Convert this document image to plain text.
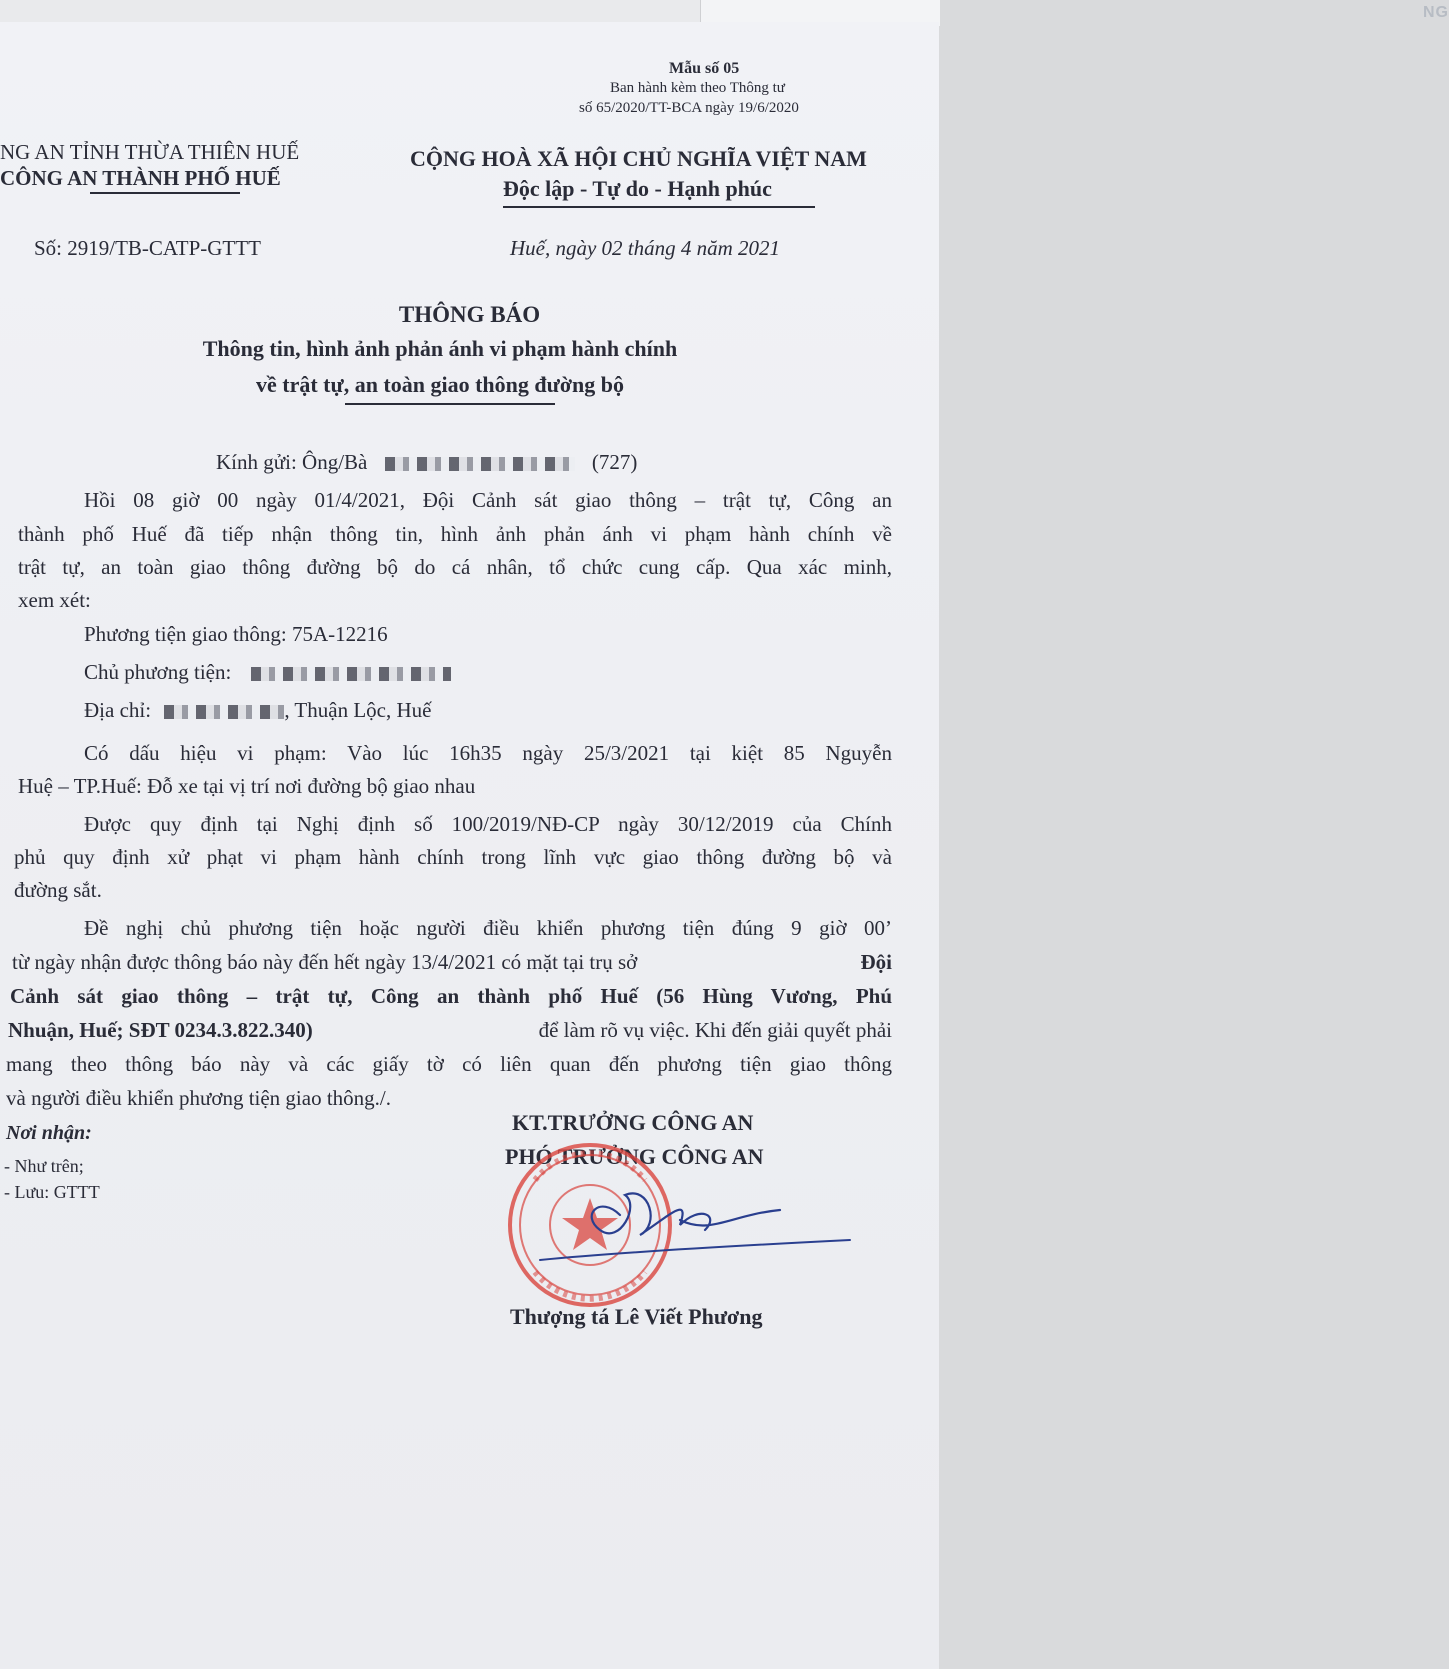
NG
Mẫu số 05
Ban hành kèm theo Thông tư
số 65/2020/TT-BCA ngày 19/6/2020
NG AN TỈNH THỪA THIÊN HUẾ
CÔNG AN THÀNH PHỐ HUẾ
Số: 2919/TB-CATP-GTTT
CỘNG HOÀ XÃ HỘI CHỦ NGHĨA VIỆT NAM
Độc lập - Tự do - Hạnh phúc
Huế, ngày 02 tháng 4 năm 2021
THÔNG BÁO
Thông tin, hình ảnh phản ánh vi phạm hành chính
về trật tự, an toàn giao thông đường bộ
Kính gửi: Ông/Bà	(727)
Hồi 08 giờ 00 ngày 01/4/2021, Đội Cảnh sát giao thông – trật tự, Công an
thành phố Huế đã tiếp nhận thông tin, hình ảnh phản ánh vi phạm hành chính về
trật tự, an toàn giao thông đường bộ do cá nhân, tổ chức cung cấp. Qua xác minh,
xem xét:
Phương tiện giao thông: 75A-12216
Chủ phương tiện:
Địa chỉ:	, Thuận Lộc, Huế
Có dấu hiệu vi phạm: Vào lúc 16h35 ngày 25/3/2021 tại kiệt 85 Nguyễn
Huệ – TP.Huế: Đỗ xe tại vị trí nơi đường bộ giao nhau
Được quy định tại Nghị định số 100/2019/NĐ-CP ngày 30/12/2019 của Chính
phủ quy định xử phạt vi phạm hành chính trong lĩnh vực giao thông đường bộ và
đường sắt.
Đề nghị chủ phương tiện hoặc người điều khiển phương tiện đúng 9 giờ 00’
từ ngày nhận được thông báo này đến hết ngày 13/4/2021 có mặt tại trụ sở	Đội
Cảnh sát giao thông – trật tự, Công an thành phố Huế (56 Hùng Vương, Phú
Nhuận, Huế; SĐT 0234.3.822.340)	để làm rõ vụ việc. Khi đến giải quyết phải
mang theo thông báo này và các giấy tờ có liên quan đến phương tiện giao thông
và người điều khiển phương tiện giao thông./.
Nơi nhận:
- Như trên;
- Lưu: GTTT
KT.TRƯỞNG CÔNG AN
PHÓ TRƯỞNG CÔNG AN
Thượng tá Lê Viết Phương
